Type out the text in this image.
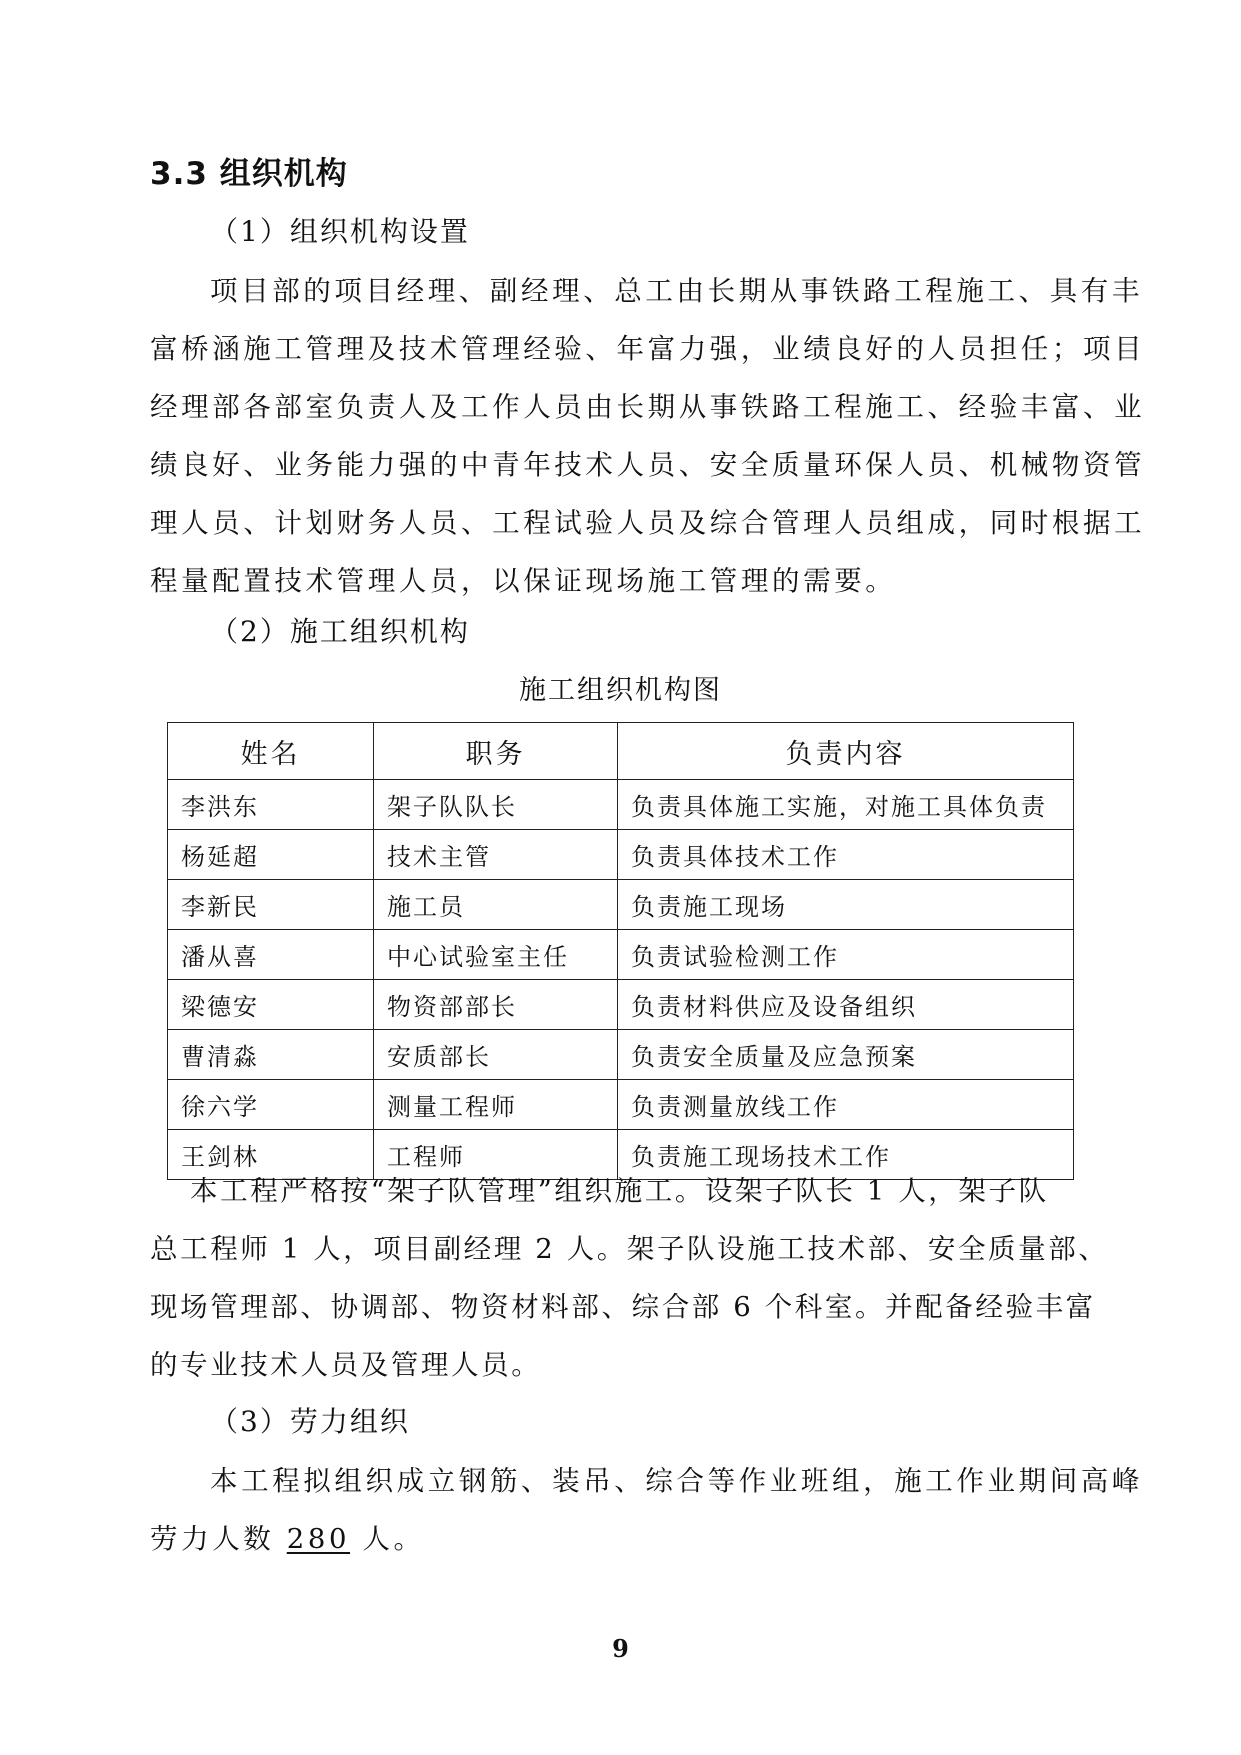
3.3 组织机构
（1）组织机构设置
项目部的项目经理、副经理、总工由长期从事铁路工程施工、具有丰
富桥涵施工管理及技术管理经验、年富力强，业绩良好的人员担任；项目
经理部各部室负责人及工作人员由长期从事铁路工程施工、经验丰富、业
绩良好、业务能力强的中青年技术人员、安全质量环保人员、机械物资管
理人员、计划财务人员、工程试验人员及综合管理人员组成，同时根据工
程量配置技术管理人员，以保证现场施工管理的需要。
（2）施工组织机构
施工组织机构图
姓名	职务	负责内容
李洪东	架子队队长	负责具体施工实施，对施工具体负责
杨延超	技术主管	负责具体技术工作
李新民	施工员	负责施工现场
潘从喜	中心试验室主任	负责试验检测工作
梁德安	物资部部长	负责材料供应及设备组织
曹清淼	安质部长	负责安全质量及应急预案
徐六学	测量工程师	负责测量放线工作
王剑林	工程师	负责施工现场技术工作
本工程严格按“架子队管理”组织施工。设架子队长 1 人，架子队
总工程师 1 人，项目副经理 2 人。架子队设施工技术部、安全质量部、
现场管理部、协调部、物资材料部、综合部 6 个科室。并配备经验丰富
的专业技术人员及管理人员。
（3）劳力组织
本工程拟组织成立钢筋、装吊、综合等作业班组，施工作业期间高峰
劳力人数 280 人。
9
